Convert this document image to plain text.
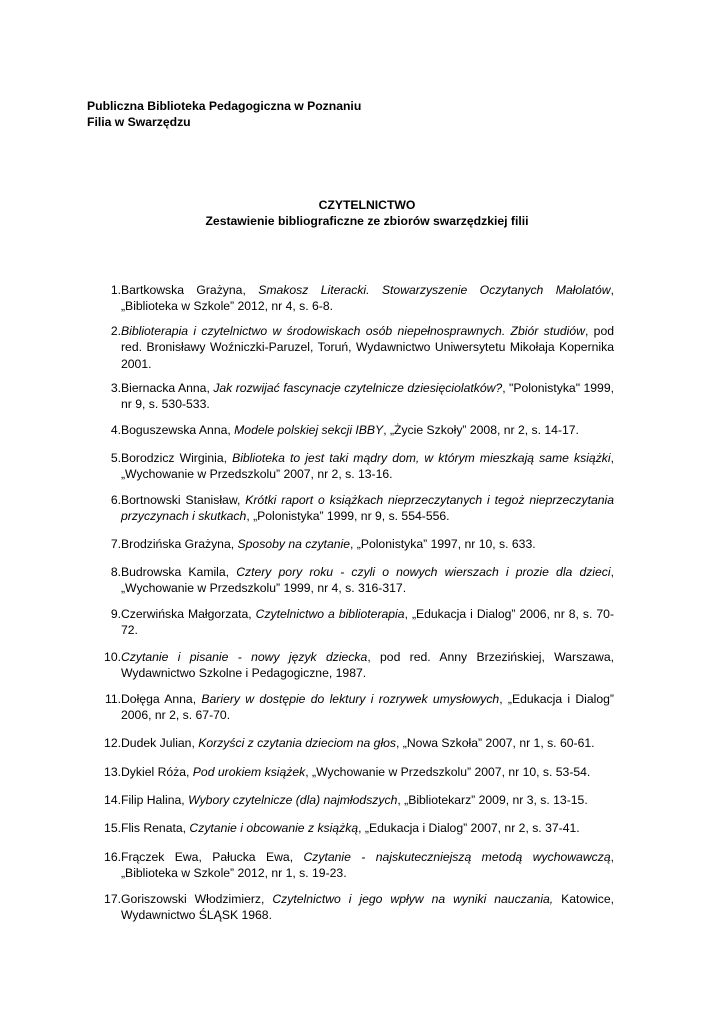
Publiczna Biblioteka Pedagogiczna w Poznaniu
Filia w Swarzędzu
CZYTELNICTWO
Zestawienie bibliograficzne ze zbiorów swarzędzkiej filii
1. Bartkowska Grażyna, Smakosz Literacki. Stowarzyszenie Oczytanych Małolatów, „Biblioteka w Szkole” 2012, nr 4, s. 6-8.
2. Biblioterapia i czytelnictwo w środowiskach osób niepełnosprawnych. Zbiór studiów, pod red. Bronisławy Woźniczki-Paruzel, Toruń, Wydawnictwo Uniwersytetu Mikołaja Kopernika 2001.
3. Biernacka Anna, Jak rozwijać fascynacje czytelnicze dziesięciolatków?, "Polonistyka" 1999, nr 9, s. 530-533.
4. Boguszewska Anna, Modele polskiej sekcji IBBY, „Życie Szkoły” 2008, nr 2, s. 14-17.
5. Borodzicz Wirginia, Biblioteka to jest taki mądry dom, w którym mieszkają same książki, „Wychowanie w Przedszkolu” 2007, nr 2, s. 13-16.
6. Bortnowski Stanisław, Krótki raport o książkach nieprzeczytanych i tegoż nieprzeczytania przyczynach i skutkach, „Polonistyka” 1999, nr 9, s. 554-556.
7. Brodzińska Grażyna, Sposoby na czytanie, „Polonistyka” 1997, nr 10, s. 633.
8. Budrowska Kamila, Cztery pory roku - czyli o nowych wierszach i prozie dla dzieci, „Wychowanie w Przedszkolu” 1999, nr 4, s. 316-317.
9. Czerwińska Małgorzata, Czytelnictwo a biblioterapia, „Edukacja i Dialog” 2006, nr 8, s. 70-72.
10. Czytanie i pisanie - nowy język dziecka, pod red. Anny Brzezińskiej, Warszawa, Wydawnictwo Szkolne i Pedagogiczne, 1987.
11. Dołęga Anna, Bariery w dostępie do lektury i rozrywek umysłowych, „Edukacja i Dialog” 2006, nr 2, s. 67-70.
12. Dudek Julian, Korzyści z czytania dzieciom na głos, „Nowa Szkoła” 2007, nr 1, s. 60-61.
13. Dykiel Róża, Pod urokiem książek, „Wychowanie w Przedszkolu” 2007, nr 10, s. 53-54.
14. Filip Halina, Wybory czytelnicze (dla) najmłodszych, „Bibliotekarz” 2009, nr 3, s. 13-15.
15. Flis Renata, Czytanie i obcowanie z książką, „Edukacja i Dialog” 2007, nr 2, s. 37-41.
16. Frączek Ewa, Pałucka Ewa, Czytanie - najskuteczniejszą metodą wychowawczą, „Biblioteka w Szkole” 2012, nr 1, s. 19-23.
17. Goriszowski Włodzimierz, Czytelnictwo i jego wpływ na wyniki nauczania, Katowice, Wydawnictwo ŚLĄSK 1968.
